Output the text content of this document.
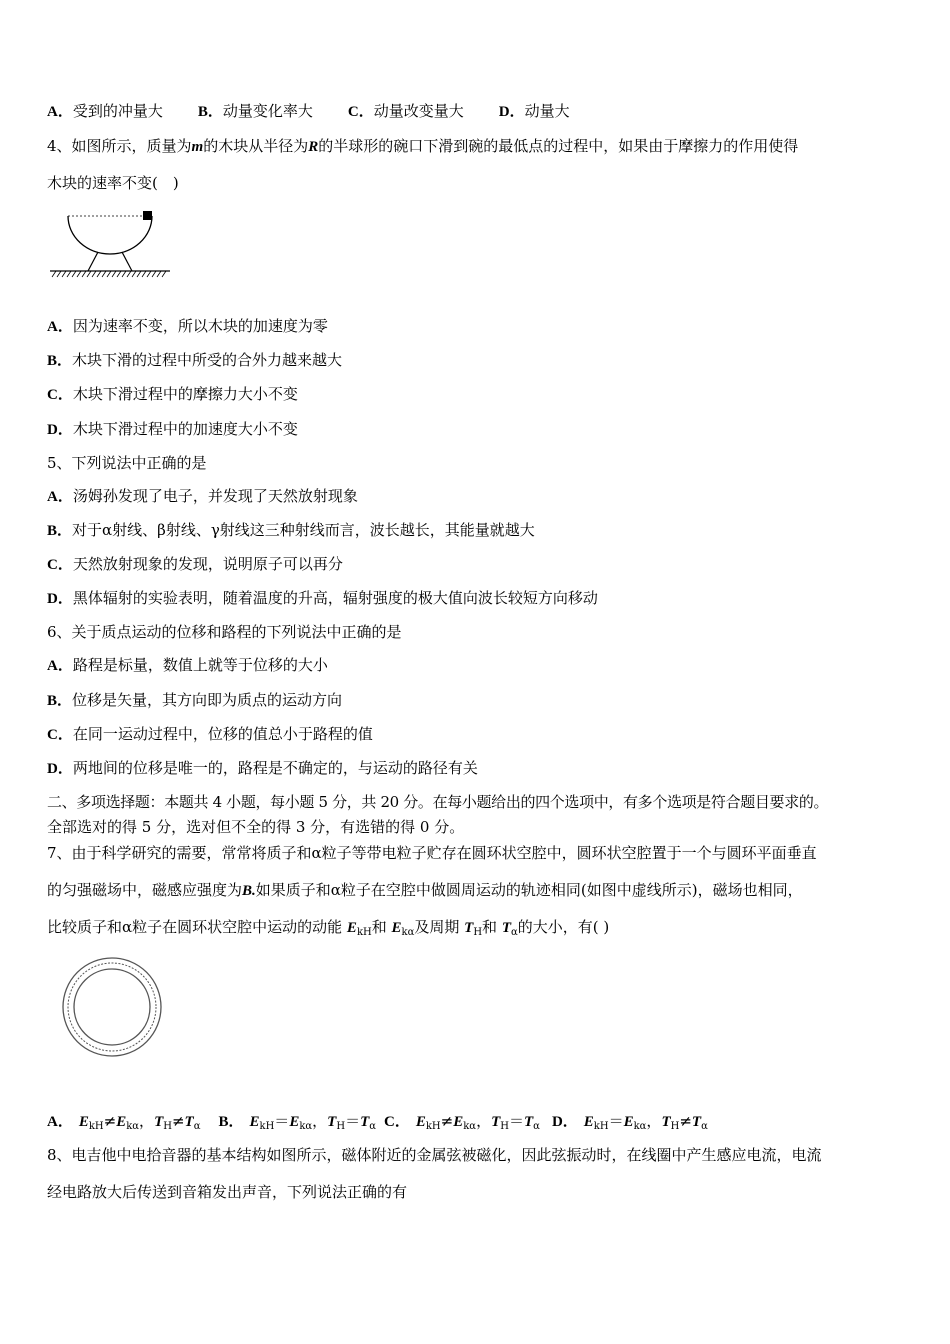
A．受到的冲量大 B．动量变化率大 C．动量改变量大 D．动量大
4、如图所示，质量为m的木块从半径为R的半球形的碗口下滑到碗的最低点的过程中，如果由于摩擦力的作用使得
木块的速率不变(　)
A．因为速率不变，所以木块的加速度为零
B．木块下滑的过程中所受的合外力越来越大
C．木块下滑过程中的摩擦力大小不变
D．木块下滑过程中的加速度大小不变
5、下列说法中正确的是
A．汤姆孙发现了电子，并发现了天然放射现象
B．对于α射线、β射线、γ射线这三种射线而言，波长越长，其能量就越大
C．天然放射现象的发现，说明原子可以再分
D．黑体辐射的实验表明，随着温度的升高，辐射强度的极大值向波长较短方向移动
6、关于质点运动的位移和路程的下列说法中正确的是
A．路程是标量，数值上就等于位移的大小
B．位移是矢量，其方向即为质点的运动方向
C．在同一运动过程中，位移的值总小于路程的值
D．两地间的位移是唯一的，路程是不确定的，与运动的路径有关
二、多项选择题：本题共 4 小题，每小题 5 分，共 20 分。在每小题给出的四个选项中，有多个选项是符合题目要求的。
全部选对的得 5 分，选对但不全的得 3 分，有选错的得 0 分。
7、由于科学研究的需要，常常将质子和α粒子等带电粒子贮存在圆环状空腔中，圆环状空腔置于一个与圆环平面垂直
的匀强磁场中，磁感应强度为B.如果质子和α粒子在空腔中做圆周运动的轨迹相同(如图中虚线所示)，磁场也相同，
比较质子和α粒子在圆环状空腔中运动的动能 $E_{kH}$和 $E_{k\alpha}$及周期 $T_H$和 $T_\alpha$的大小，有( )
A． $E_{kH}\ne E_{k\alpha}$，$T_H\ne T_\alpha$ B． $E_{kH}=E_{k\alpha}$，$T_H=T_\alpha$ C． $E_{kH}\ne E_{k\alpha}$，$T_H=T_\alpha$ D． $E_{kH}=E_{k\alpha}$，$T_H\ne T_\alpha$
8、电吉他中电拾音器的基本结构如图所示，磁体附近的金属弦被磁化，因此弦振动时，在线圈中产生感应电流，电流
经电路放大后传送到音箱发出声音，下列说法正确的有
